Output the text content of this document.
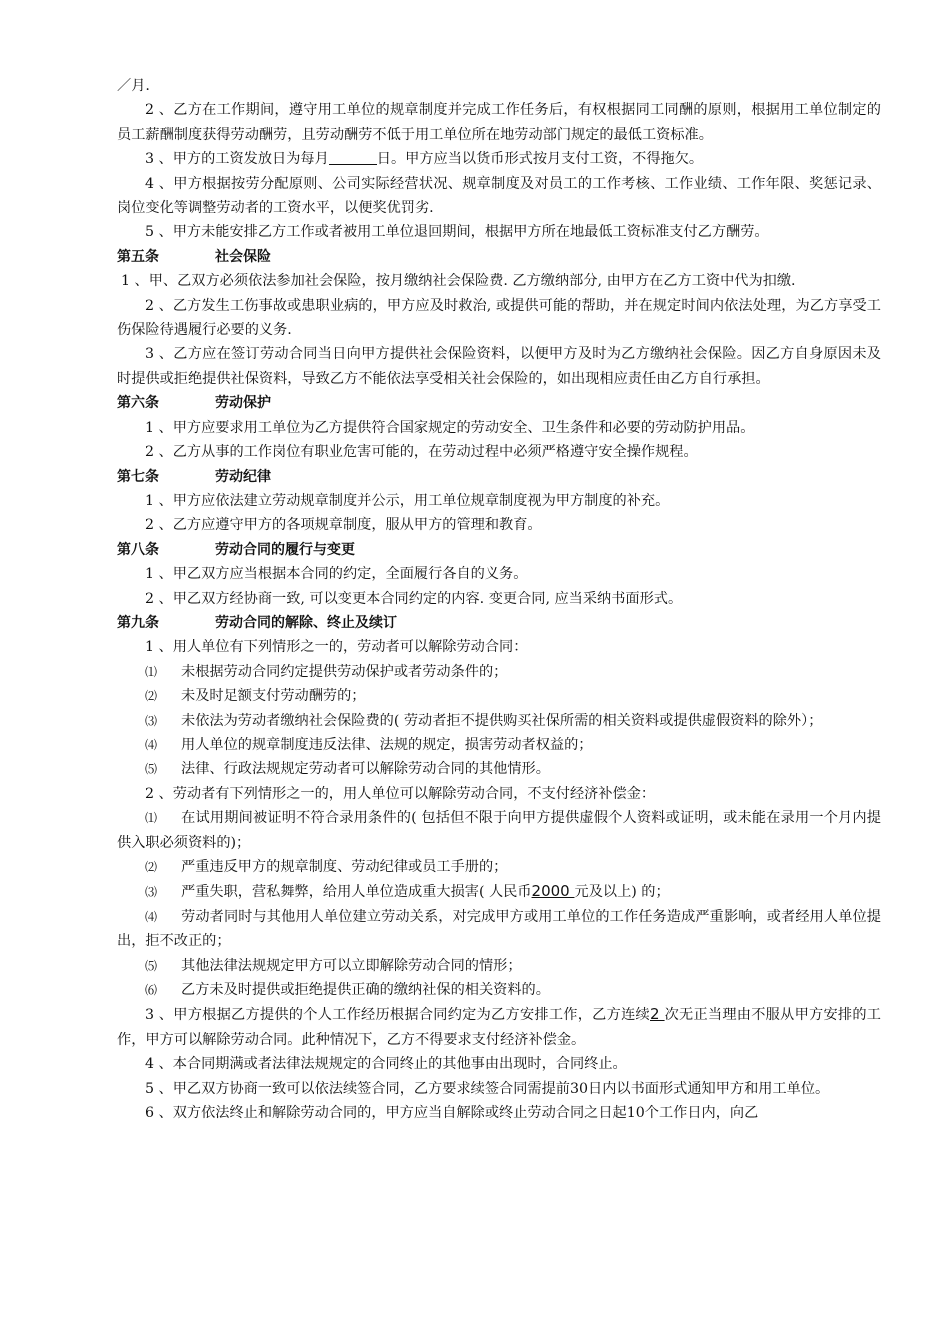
／月.

2 、乙方在工作期间，遵守用工单位的规章制度并完成工作任务后，有权根据同工同酬的原则，根据用工单位制定的员工薪酬制度获得劳动酬劳，且劳动酬劳不低于用工单位所在地劳动部门规定的最低工资标准。

3 、甲方的工资发放日为每月	日。甲方应当以货币形式按月支付工资，不得拖欠。

4 、甲方根据按劳分配原则、公司实际经营状况、规章制度及对员工的工作考核、工作业绩、工作年限、奖惩记录、岗位变化等调整劳动者的工资水平，以便奖优罚劣.

5 、甲方未能安排乙方工作或者被用工单位退回期间，根据甲方所在地最低工资标准支付乙方酬劳。

第五条	社会保险

1 、甲、乙双方必须依法参加社会保险，按月缴纳社会保险费. 乙方缴纳部分, 由甲方在乙方工资中代为扣缴.

2 、乙方发生工伤事故或患职业病的，甲方应及时救治, 或提供可能的帮助，并在规定时间内依法处理，为乙方享受工伤保险待遇履行必要的义务.

3 、乙方应在签订劳动合同当日向甲方提供社会保险资料，以便甲方及时为乙方缴纳社会保险。因乙方自身原因未及时提供或拒绝提供社保资料，导致乙方不能依法享受相关社会保险的，如出现相应责任由乙方自行承担。

第六条	劳动保护

1 、甲方应要求用工单位为乙方提供符合国家规定的劳动安全、卫生条件和必要的劳动防护用品。

2 、乙方从事的工作岗位有职业危害可能的，在劳动过程中必须严格遵守安全操作规程。

第七条	劳动纪律

1 、甲方应依法建立劳动规章制度并公示，用工单位规章制度视为甲方制度的补充。

2 、乙方应遵守甲方的各项规章制度，服从甲方的管理和教育。

第八条	劳动合同的履行与变更

1 、甲乙双方应当根据本合同的约定，全面履行各自的义务。

2 、甲乙双方经协商一致, 可以变更本合同约定的内容. 变更合同, 应当采纳书面形式。

第九条	劳动合同的解除、终止及续订

1 、用人单位有下列情形之一的，劳动者可以解除劳动合同：

⑴ 未根据劳动合同约定提供劳动保护或者劳动条件的；

⑵ 未及时足额支付劳动酬劳的；

⑶ 未依法为劳动者缴纳社会保险费的( 劳动者拒不提供购买社保所需的相关资料或提供虚假资料的除外）；

⑷ 用人单位的规章制度违反法律、法规的规定，损害劳动者权益的；

⑸ 法律、行政法规规定劳动者可以解除劳动合同的其他情形。

2 、劳动者有下列情形之一的，用人单位可以解除劳动合同，不支付经济补偿金：

⑴ 在试用期间被证明不符合录用条件的( 包括但不限于向甲方提供虚假个人资料或证明，或未能在录用一个月内提供入职必须资料的)；

⑵ 严重违反甲方的规章制度、劳动纪律或员工手册的；

⑶ 严重失职，营私舞弊，给用人单位造成重大损害( 人民币2000 元及以上) 的；

⑷ 劳动者同时与其他用人单位建立劳动关系，对完成甲方或用工单位的工作任务造成严重影响，或者经用人单位提出，拒不改正的；

⑸ 其他法律法规规定甲方可以立即解除劳动合同的情形；

⑹ 乙方未及时提供或拒绝提供正确的缴纳社保的相关资料的。

3 、甲方根据乙方提供的个人工作经历根据合同约定为乙方安排工作，乙方连续2 次无正当理由不服从甲方安排的工作，甲方可以解除劳动合同。此种情况下，乙方不得要求支付经济补偿金。

4 、本合同期满或者法律法规规定的合同终止的其他事由出现时，合同终止。

5 、甲乙双方协商一致可以依法续签合同，乙方要求续签合同需提前30日内以书面形式通知甲方和用工单位。

6 、双方依法终止和解除劳动合同的，甲方应当自解除或终止劳动合同之日起10个工作日内，向乙
